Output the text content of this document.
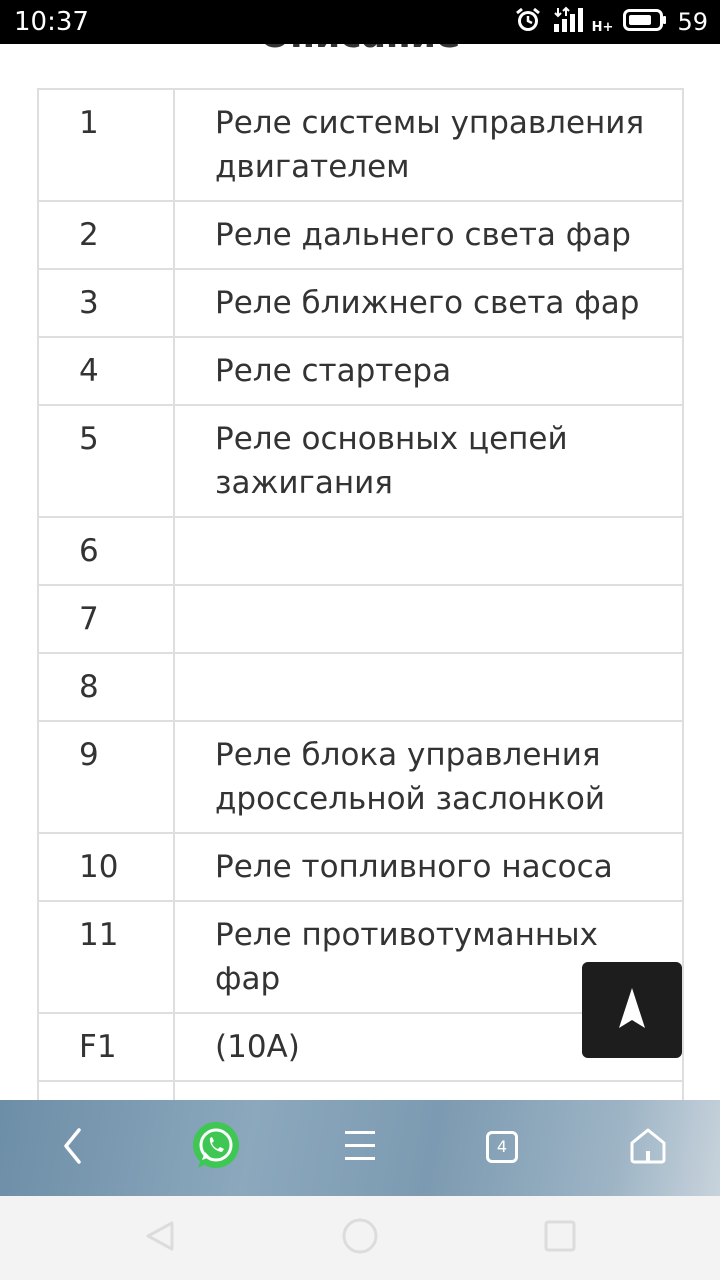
10:37	H+	59
1	Реле системы управления двигателем
2	Реле дальнего света фар
3	Реле ближнего света фар
4	Реле стартера
5	Реле основных цепей зажигания
6	
7	
8	
9	Реле блока управления дроссельной заслонкой
10	Реле топливного насоса
11	Реле противотуманных фар
F1	(10A)

4
